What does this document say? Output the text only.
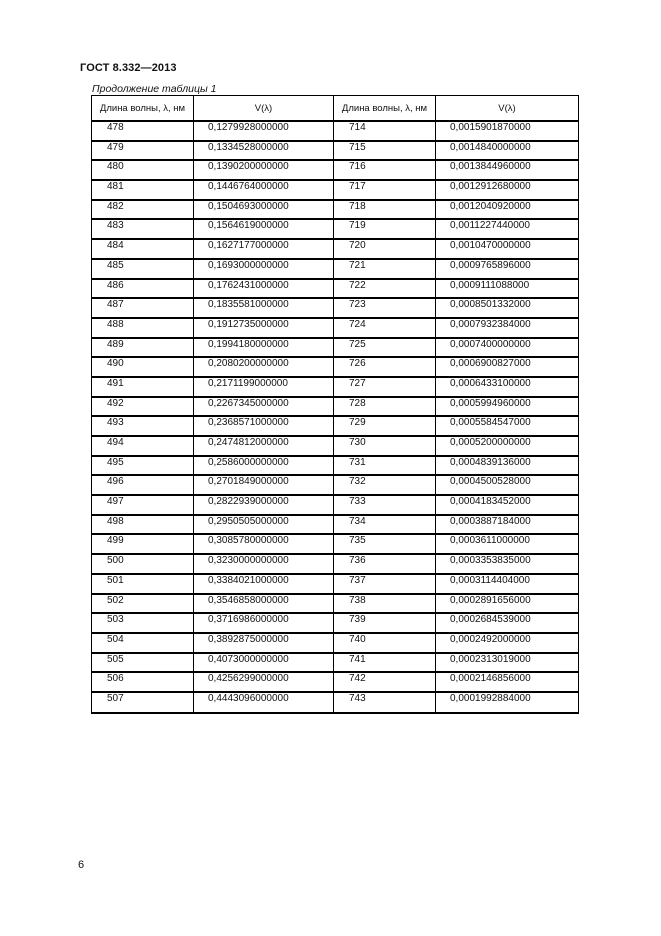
ГОСТ 8.332—2013
Продолжение таблицы 1
Длина волны, λ, нм	V(λ)	Длина волны, λ, нм	V(λ)
478	0,1279928000000	714	0,0015901870000
479	0,1334528000000	715	0,0014840000000
480	0,1390200000000	716	0,0013844960000
481	0,1446764000000	717	0,0012912680000
482	0,1504693000000	718	0,0012040920000
483	0,1564619000000	719	0,0011227440000
484	0,1627177000000	720	0,0010470000000
485	0,1693000000000	721	0,0009765896000
486	0,1762431000000	722	0,0009111088000
487	0,1835581000000	723	0,0008501332000
488	0,1912735000000	724	0,0007932384000
489	0,1994180000000	725	0,0007400000000
490	0,2080200000000	726	0,0006900827000
491	0,2171199000000	727	0,0006433100000
492	0,2267345000000	728	0,0005994960000
493	0,2368571000000	729	0,0005584547000
494	0,2474812000000	730	0,0005200000000
495	0,2586000000000	731	0,0004839136000
496	0,2701849000000	732	0,0004500528000
497	0,2822939000000	733	0,0004183452000
498	0,2950505000000	734	0,0003887184000
499	0,3085780000000	735	0,0003611000000
500	0,3230000000000	736	0,0003353835000
501	0,3384021000000	737	0,0003114404000
502	0,3546858000000	738	0,0002891656000
503	0,3716986000000	739	0,0002684539000
504	0,3892875000000	740	0,0002492000000
505	0,4073000000000	741	0,0002313019000
506	0,4256299000000	742	0,0002146856000
507	0,4443096000000	743	0,0001992884000
6
